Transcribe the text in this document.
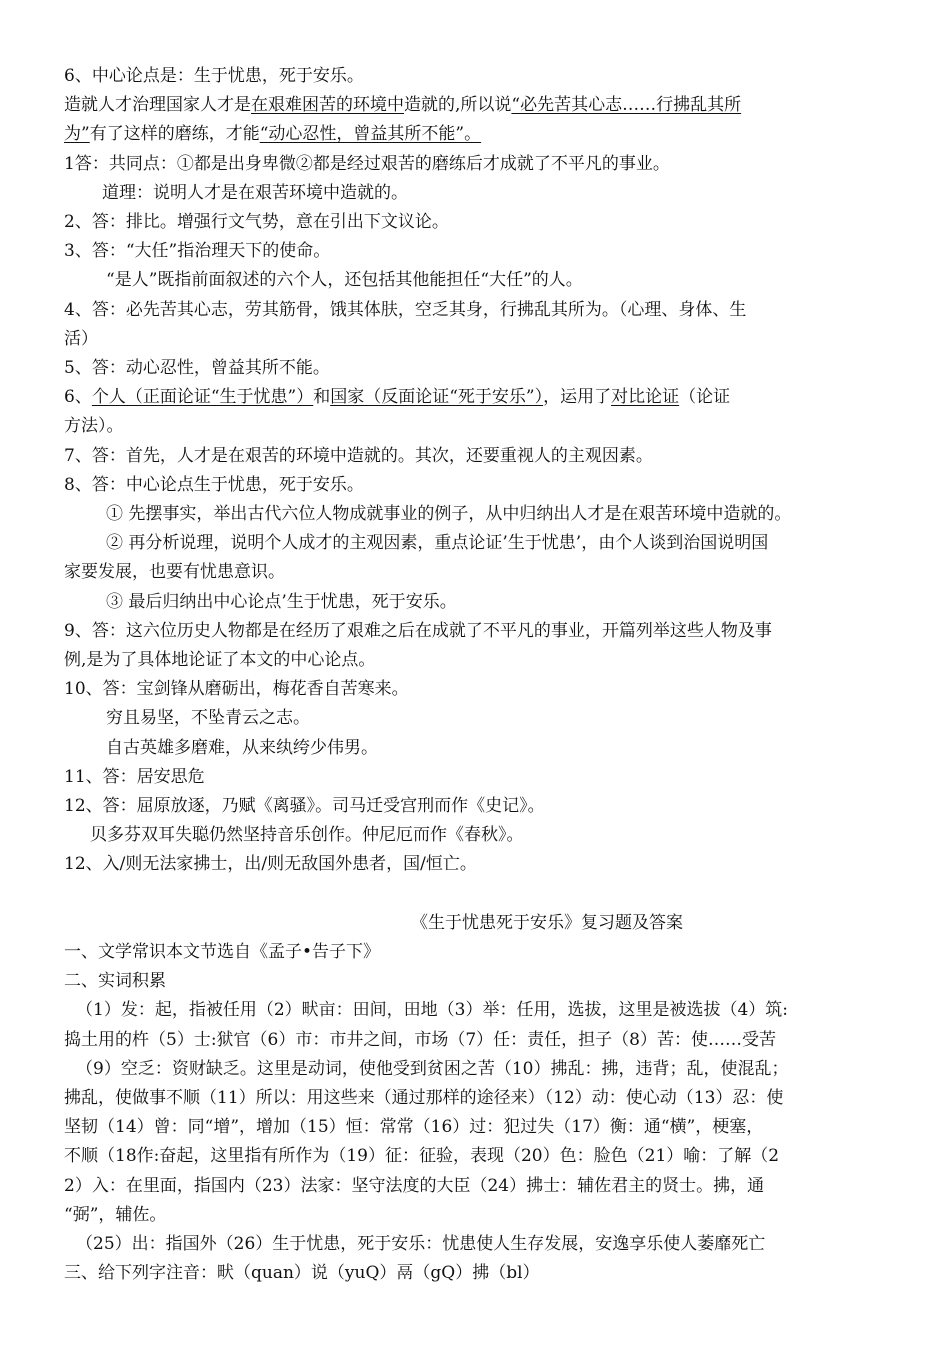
6、中心论点是：生于忧患，死于安乐。
造就人才治理国家人才是在艰难困苦的环境中造就的,所以说“必先苦其心志……行拂乱其所
为”有了这样的磨练，才能“动心忍性，曾益其所不能”。
1答：共同点：①都是出身卑微②都是经过艰苦的磨练后才成就了不平凡的事业。
道理：说明人才是在艰苦环境中造就的。
2、答：排比。增强行文气势，意在引出下文议论。
3、答：“大任”指治理天下的使命。
“是人”既指前面叙述的六个人，还包括其他能担任“大任”的人。
4、答：必先苦其心志，劳其筋骨，饿其体肤，空乏其身，行拂乱其所为。（心理、身体、生
活）
5、答：动心忍性，曾益其所不能。
6、个人（正面论证“生于忧患”）和国家（反面论证“死于安乐”），运用了对比论证（论证
方法）。
7、答：首先，人才是在艰苦的环境中造就的。其次，还要重视人的主观因素。
8、答：中心论点生于忧患，死于安乐。
① 先摆事实，举出古代六位人物成就事业的例子，从中归纳出人才是在艰苦环境中造就的。
② 再分析说理，说明个人成才的主观因素，重点论证’生于忧患’，由个人谈到治国说明国
家要发展，也要有忧患意识。
③ 最后归纳出中心论点’生于忧患，死于安乐。
9、答：这六位历史人物都是在经历了艰难之后在成就了不平凡的事业，开篇列举这些人物及事
例,是为了具体地论证了本文的中心论点。
10、答：宝剑锋从磨砺出，梅花香自苦寒来。
穷且易坚，不坠青云之志。
自古英雄多磨难，从来纨绔少伟男。
11、答：居安思危
12、答：屈原放逐，乃赋《离骚》。司马迁受宫刑而作《史记》。
贝多芬双耳失聪仍然坚持音乐创作。仲尼厄而作《春秋》。
12、入/则无法家拂士，出/则无敌国外患者，国/恒亡。
《生于忧患死于安乐》复习题及答案
一、文学常识本文节选自《孟子•告子下》
二、实词积累
（1）发：起，指被任用（2）畎亩：田间，田地（3）举：任用，选拔，这里是被选拔（4）筑:
捣土用的杵（5）士:狱官（6）市：市井之间，市场（7）任：责任，担子（8）苦：使……受苦
（9）空乏：资财缺乏。这里是动词，使他受到贫困之苦（10）拂乱：拂，违背；乱，使混乱；
拂乱，使做事不顺（11）所以：用这些来（通过那样的途径来）（12）动：使心动（13）忍：使
坚韧（14）曾：同“增”，增加（15）恒：常常（16）过：犯过失（17）衡：通“横”，梗塞，
不顺（18作:奋起，这里指有所作为（19）征：征验，表现（20）色：脸色（21）喻：了解（2
2）入：在里面，指国内（23）法家：坚守法度的大臣（24）拂士：辅佐君主的贤士。拂，通
“弼”，辅佐。
（25）出：指国外（26）生于忧患，死于安乐：忧患使人生存发展，安逸享乐使人萎靡死亡
三、给下列字注音：畎（quan）说（yuQ）鬲（gQ）拂（bl）
